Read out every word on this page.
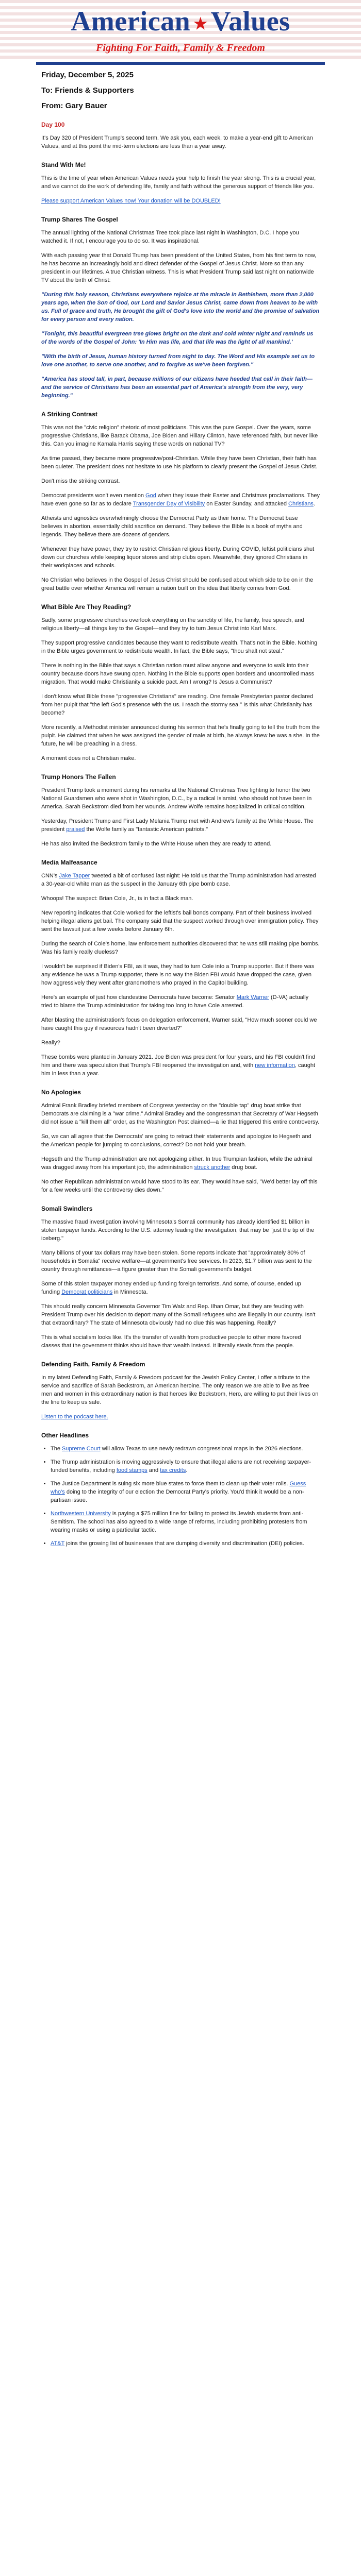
American ★ Values
Fighting For Faith, Family & Freedom
Friday, December 5, 2025
To: Friends & Supporters
From: Gary Bauer
Day 100

It's Day 320 of President Trump's second term. We ask you, each week, to make a year-end gift to American Values, and at this point the mid-term elections are less than a year away.

Stand With Me!

This is the time of year when American Values needs your help to finish the year strong. This is a crucial year, and we cannot do the work of defending life, family and faith without the generous support of friends like you.

Please support American Values now! Your donation will be DOUBLED!

Trump Shares The Gospel

The annual lighting of the National Christmas Tree took place last night in Washington, D.C. I hope you watched it. If not, I encourage you to do so. It was inspirational.

With each passing year that Donald Trump has been president of the United States, from his first term to now, he has become an increasingly bold and direct defender of the Gospel of Jesus Christ. More so than any president in our lifetimes. A true Christian witness. This is what President Trump said last night on nationwide TV about the birth of Christ:

"During this holy season, Christians everywhere rejoice at the miracle in Bethlehem, more than 2,000 years ago, when the Son of God, our Lord and Savior Jesus Christ, came down from heaven to be with us. Full of grace and truth, He brought the gift of God's love into the world and the promise of salvation for every person and every nation.

"Tonight, this beautiful evergreen tree glows bright on the dark and cold winter night and reminds us of the words of the Gospel of John: 'In Him was life, and that life was the light of all mankind.'

"With the birth of Jesus, human history turned from night to day. The Word and His example set us to love one another, to serve one another, and to forgive as we've been forgiven."

"America has stood tall, in part, because millions of our citizens have heeded that call in their faith—and the service of Christians has been an essential part of America's strength from the very, very beginning."

A Striking Contrast

This was not the "civic religion" rhetoric of most politicians. This was the pure Gospel. Over the years, some progressive Christians, like Barack Obama, Joe Biden and Hillary Clinton, have referenced faith, but never like this. Can you imagine Kamala Harris saying these words on national TV?

As time passed, they became more progressive/post-Christian. While they have been Christian, their faith has been quieter. The president does not hesitate to use his platform to clearly present the Gospel of Jesus Christ.

Don't miss the striking contrast.

Democrat presidents won't even mention God when they issue their Easter and Christmas proclamations. They have even gone so far as to declare Transgender Day of Visibility on Easter Sunday, and attacked Christians.

Atheists and agnostics overwhelmingly choose the Democrat Party as their home. The Democrat base believes in abortion, essentially child sacrifice on demand. They believe the Bible is a book of myths and legends. They believe there are dozens of genders.

Whenever they have power, they try to restrict Christian religious liberty. During COVID, leftist politicians shut down our churches while keeping liquor stores and strip clubs open. Meanwhile, they ignored Christians in their workplaces and schools.

No Christian who believes in the Gospel of Jesus Christ should be confused about which side to be on in the great battle over whether America will remain a nation built on the idea that liberty comes from God.

What Bible Are They Reading?

Sadly, some progressive churches overlook everything on the sanctity of life, the family, free speech, and religious liberty—all things key to the Gospel—and they try to turn Jesus Christ into Karl Marx.

They support progressive candidates because they want to redistribute wealth. That's not in the Bible. Nothing in the Bible urges government to redistribute wealth. In fact, the Bible says, "thou shalt not steal."

There is nothing in the Bible that says a Christian nation must allow anyone and everyone to walk into their country because doors have swung open. Nothing in the Bible supports open borders and uncontrolled mass migration. That would make Christianity a suicide pact. Am I wrong? Is Jesus a Communist?

I don't know what Bible these "progressive Christians" are reading. One female Presbyterian pastor declared from her pulpit that "the left God's presence with the us. I reach the stormy sea." Is this what Christianity has become?

More recently, a Methodist minister announced during his sermon that he's finally going to tell the truth from the pulpit. He claimed that when he was assigned the gender of male at birth, he always knew he was a she. In the future, he will be preaching in a dress.

A moment does not a Christian make.

Trump Honors The Fallen

President Trump took a moment during his remarks at the National Christmas Tree lighting to honor the two National Guardsmen who were shot in Washington, D.C., by a radical Islamist, who should not have been in America. Sarah Beckstrom died from her wounds. Andrew Wolfe remains hospitalized in critical condition.

Yesterday, President Trump and First Lady Melania Trump met with Andrew's family at the White House. The president praised the Wolfe family as "fantastic American patriots."

He has also invited the Beckstrom family to the White House when they are ready to attend.

Media Malfeasance

CNN's Jake Tapper tweeted a bit of confused last night: He told us that the Trump administration had arrested a 30-year-old white man as the suspect in the January 6th pipe bomb case.

Whoops! The suspect: Brian Cole, Jr., is in fact a Black man.

New reporting indicates that Cole worked for the leftist's bail bonds company. Part of their business involved helping illegal aliens get bail. The company said that the suspect worked through over immigration policy. They sent the lawsuit just a few weeks before January 6th.

During the search of Cole's home, law enforcement authorities discovered that he was still making pipe bombs. Was his family really clueless?

I wouldn't be surprised if Biden's FBI, as it was, they had to turn Cole into a Trump supporter. But if there was any evidence he was a Trump supporter, there is no way the Biden FBI would have dropped the case, given how aggressively they went after grandmothers who prayed in the Capitol building.

Here's an example of just how clandestine Democrats have become: Senator Mark Warner (D-VA) actually tried to blame the Trump administration for taking too long to have Cole arrested.

After blasting the administration's focus on delegation enforcement, Warner said, "How much sooner could we have caught this guy if resources hadn't been diverted?"

Really?

These bombs were planted in January 2021. Joe Biden was president for four years, and his FBI couldn't find him and there was speculation that Trump's FBI reopened the investigation and, with new information, caught him in less than a year.

No Apologies

Admiral Frank Bradley briefed members of Congress yesterday on the "double tap" drug boat strike that Democrats are claiming is a "war crime." Admiral Bradley and the congressman that Secretary of War Hegseth did not issue a "kill them all" order, as the Washington Post claimed—a lie that triggered this entire controversy.

So, we can all agree that the Democrats' are going to retract their statements and apologize to Hegseth and the American people for jumping to conclusions, correct? Do not hold your breath.

Hegseth and the Trump administration are not apologizing either. In true Trumpian fashion, while the admiral was dragged away from his important job, the administration struck another drug boat.

No other Republican administration would have stood to its ear. They would have said, "We'd better lay off this for a few weeks until the controversy dies down."

Somali Swindlers

The massive fraud investigation involving Minnesota's Somali community has already identified $1 billion in stolen taxpayer funds. According to the U.S. attorney leading the investigation, that may be "just the tip of the iceberg."

Many billions of your tax dollars may have been stolen. Some reports indicate that "approximately 80% of households in Somalia" receive welfare—at government's free services. In 2023, $1.7 billion was sent to the country through remittances—a figure greater than the Somali government's budget.

Some of this stolen taxpayer money ended up funding foreign terrorists. And some, of course, ended up funding Democrat politicians in Minnesota.

This should really concern Minnesota Governor Tim Walz and Rep. Ilhan Omar, but they are feuding with President Trump over his decision to deport many of the Somali refugees who are illegally in our country. Isn't that extraordinary? The state of Minnesota obviously had no clue this was happening. Really?

This is what socialism looks like. It's the transfer of wealth from productive people to other more favored classes that the government thinks should have that wealth instead. It literally steals from the people.

Defending Faith, Family & Freedom

In my latest Defending Faith, Family & Freedom podcast for the Jewish Policy Center, I offer a tribute to the service and sacrifice of Sarah Beckstrom, an American heroine. The only reason we are able to live as free men and women in this extraordinary nation is that heroes like Beckstrom, Hero, are willing to put their lives on the line to keep us safe.

Listen to the podcast here.

Other Headlines
• The Supreme Court will allow Texas to use newly redrawn congressional maps in the 2026 elections.
• The Trump administration is moving aggressively to ensure that illegal aliens are not receiving taxpayer-funded benefits, including food stamps and tax credits.
• The Justice Department is suing six more blue states to force them to clean up their voter rolls. Guess who's doing to the integrity of our election the Democrat Party's priority. You'd think it would be a non-partisan issue.
• Northwestern University is paying a $75 million fine for failing to protect its Jewish students from anti-Semitism. The school has also agreed to a wide range of reforms, including prohibiting protesters from wearing masks or using a particular tactic.
• AT&T joins the growing list of businesses that are dumping diversity and discrimination (DEI) policies.
